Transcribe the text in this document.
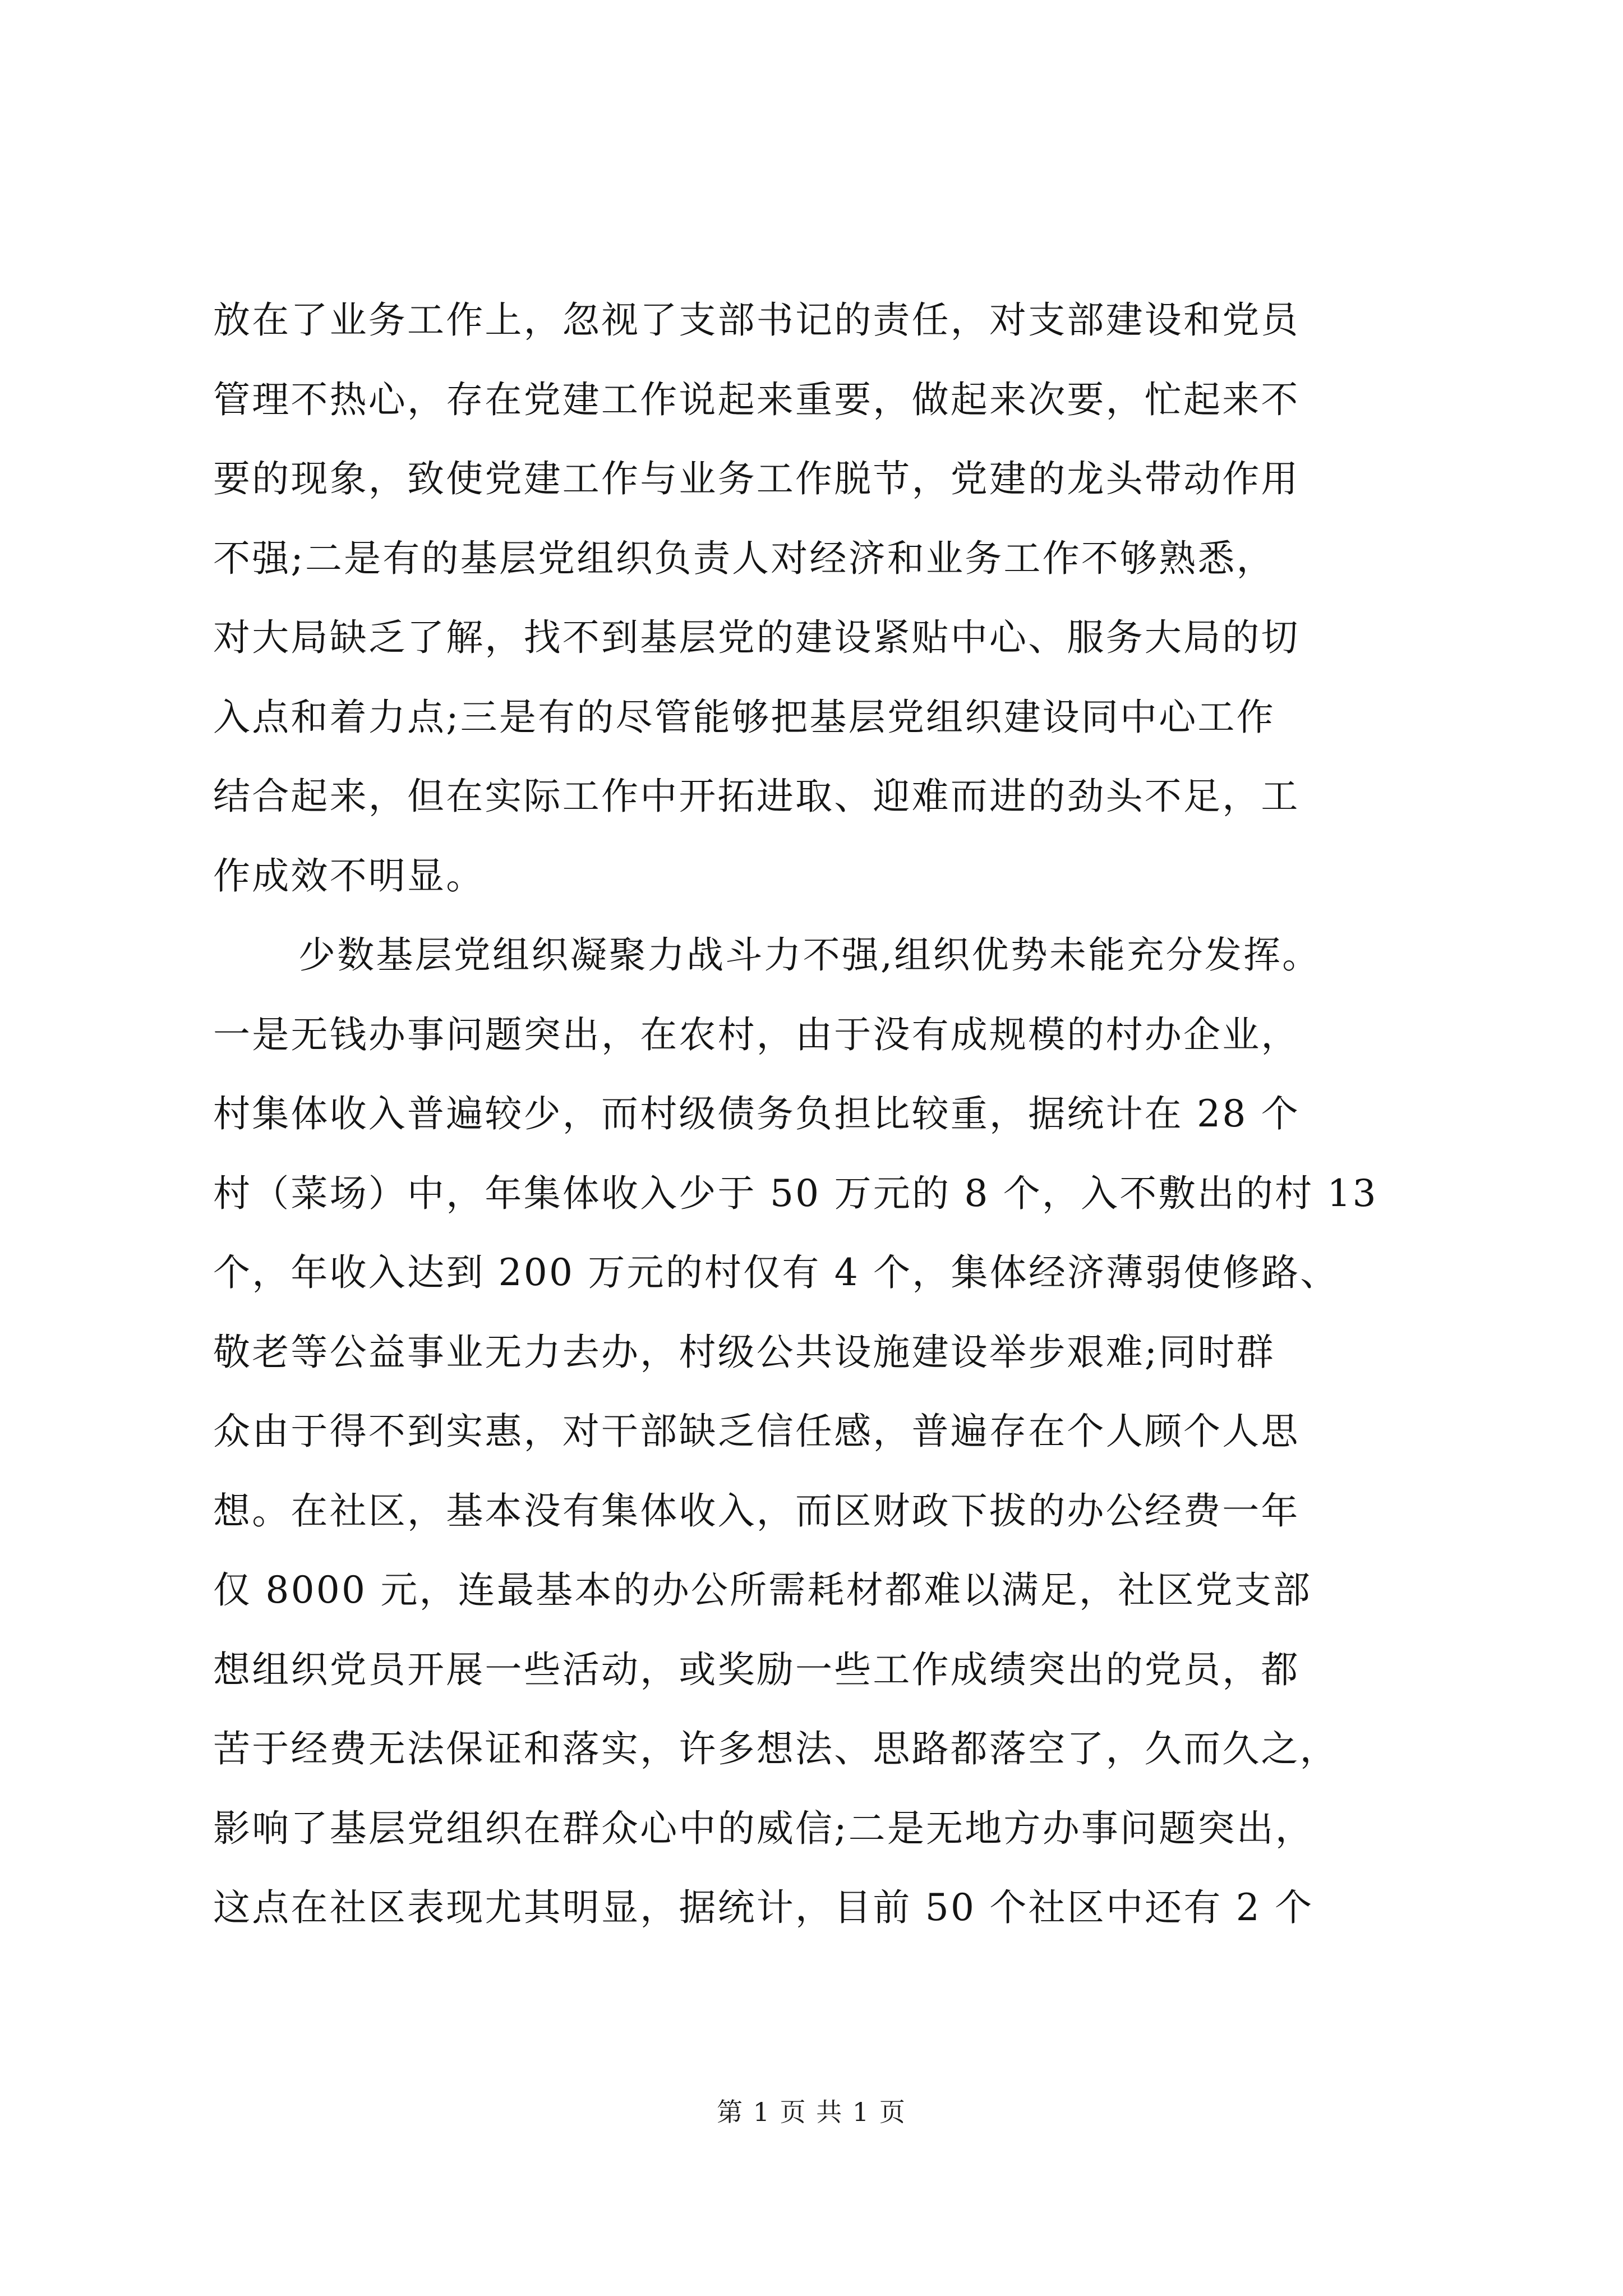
放在了业务工作上，忽视了支部书记的责任，对支部建设和党员
管理不热心，存在党建工作说起来重要，做起来次要，忙起来不
要的现象，致使党建工作与业务工作脱节，党建的龙头带动作用
不强;二是有的基层党组织负责人对经济和业务工作不够熟悉，
对大局缺乏了解，找不到基层党的建设紧贴中心、服务大局的切
入点和着力点;三是有的尽管能够把基层党组织建设同中心工作
结合起来，但在实际工作中开拓进取、迎难而进的劲头不足，工
作成效不明显。
少数基层党组织凝聚力战斗力不强,组织优势未能充分发挥。
一是无钱办事问题突出，在农村，由于没有成规模的村办企业，
村集体收入普遍较少，而村级债务负担比较重，据统计在 28 个
村（菜场）中，年集体收入少于 50 万元的 8 个，入不敷出的村 13
个，年收入达到 200 万元的村仅有 4 个，集体经济薄弱使修路、
敬老等公益事业无力去办，村级公共设施建设举步艰难;同时群
众由于得不到实惠，对干部缺乏信任感，普遍存在个人顾个人思
想。在社区，基本没有集体收入，而区财政下拔的办公经费一年
仅 8000 元，连最基本的办公所需耗材都难以满足，社区党支部
想组织党员开展一些活动，或奖励一些工作成绩突出的党员，都
苦于经费无法保证和落实，许多想法、思路都落空了，久而久之，
影响了基层党组织在群众心中的威信;二是无地方办事问题突出，
这点在社区表现尤其明显，据统计，目前 50 个社区中还有 2 个
第 1 页 共 1 页
